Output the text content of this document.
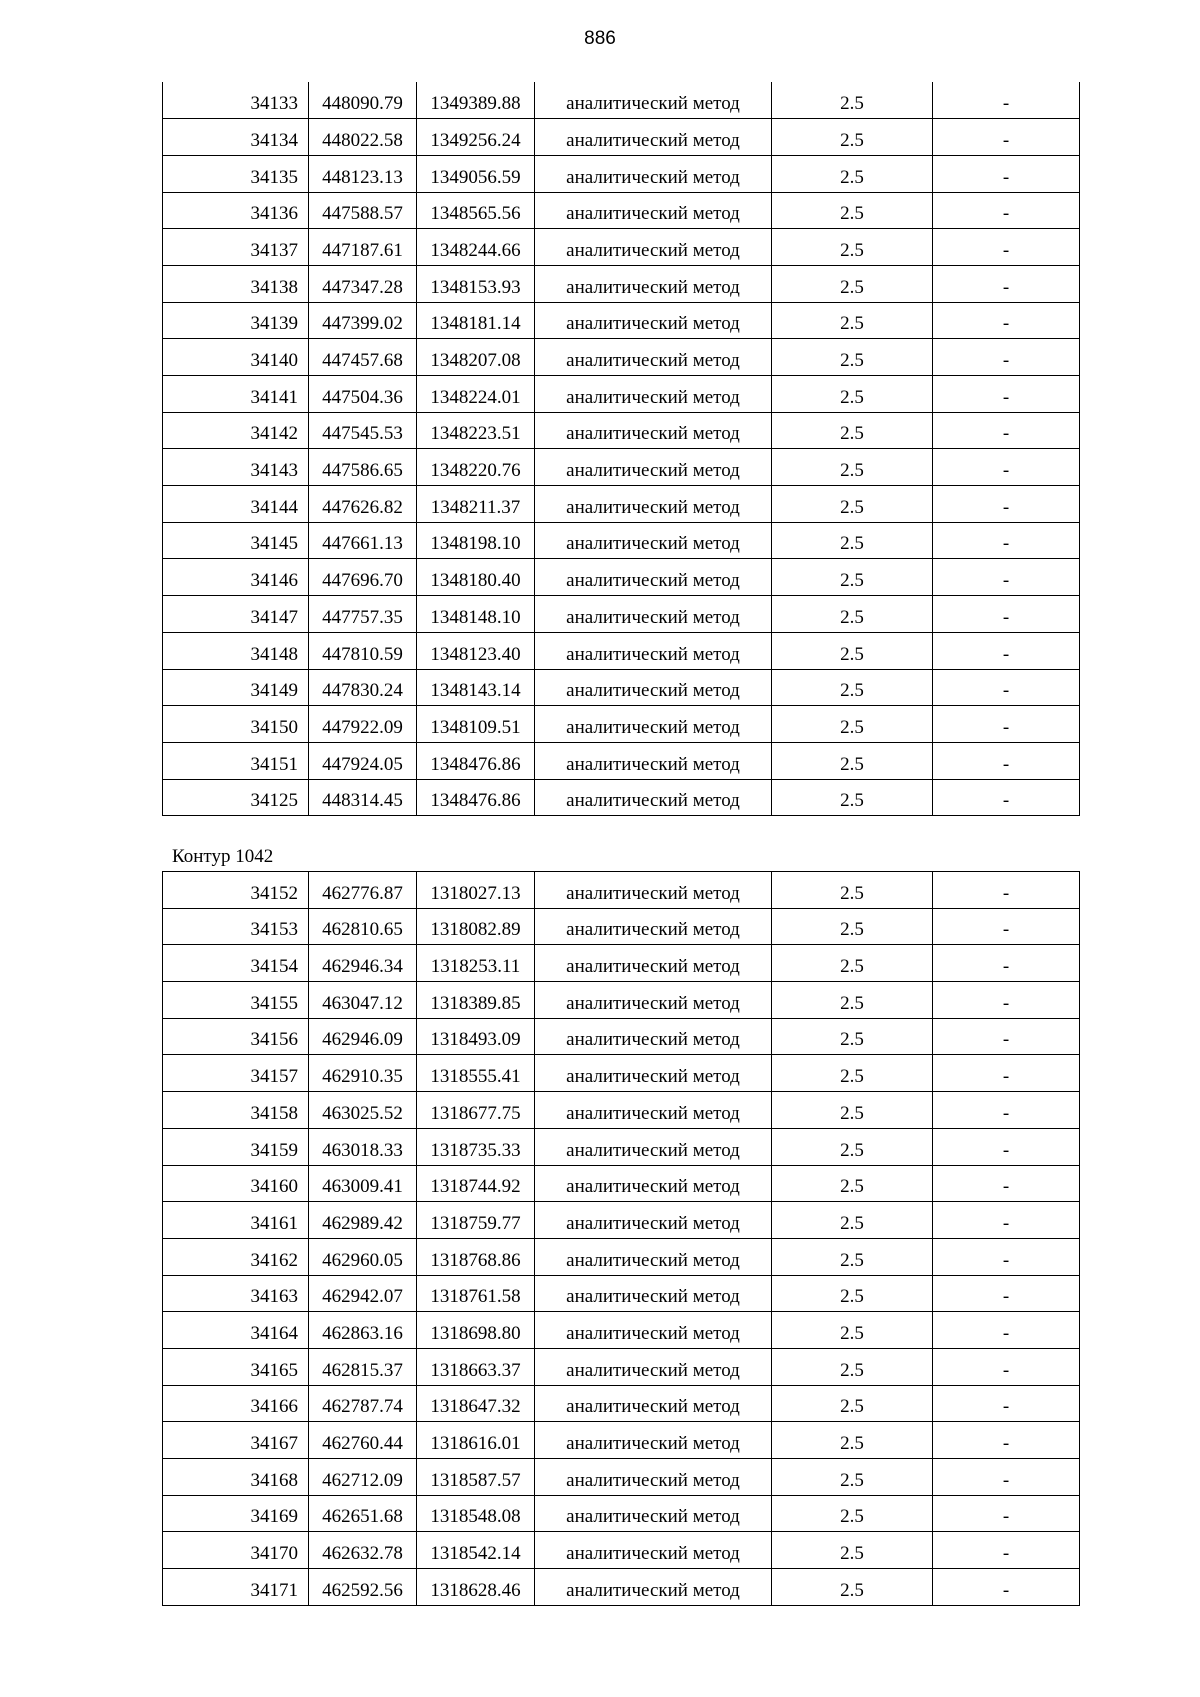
886
34133	448090.79	1349389.88	аналитический метод	2.5	-
34134	448022.58	1349256.24	аналитический метод	2.5	-
34135	448123.13	1349056.59	аналитический метод	2.5	-
34136	447588.57	1348565.56	аналитический метод	2.5	-
34137	447187.61	1348244.66	аналитический метод	2.5	-
34138	447347.28	1348153.93	аналитический метод	2.5	-
34139	447399.02	1348181.14	аналитический метод	2.5	-
34140	447457.68	1348207.08	аналитический метод	2.5	-
34141	447504.36	1348224.01	аналитический метод	2.5	-
34142	447545.53	1348223.51	аналитический метод	2.5	-
34143	447586.65	1348220.76	аналитический метод	2.5	-
34144	447626.82	1348211.37	аналитический метод	2.5	-
34145	447661.13	1348198.10	аналитический метод	2.5	-
34146	447696.70	1348180.40	аналитический метод	2.5	-
34147	447757.35	1348148.10	аналитический метод	2.5	-
34148	447810.59	1348123.40	аналитический метод	2.5	-
34149	447830.24	1348143.14	аналитический метод	2.5	-
34150	447922.09	1348109.51	аналитический метод	2.5	-
34151	447924.05	1348476.86	аналитический метод	2.5	-
34125	448314.45	1348476.86	аналитический метод	2.5	-
Контур 1042
34152	462776.87	1318027.13	аналитический метод	2.5	-
34153	462810.65	1318082.89	аналитический метод	2.5	-
34154	462946.34	1318253.11	аналитический метод	2.5	-
34155	463047.12	1318389.85	аналитический метод	2.5	-
34156	462946.09	1318493.09	аналитический метод	2.5	-
34157	462910.35	1318555.41	аналитический метод	2.5	-
34158	463025.52	1318677.75	аналитический метод	2.5	-
34159	463018.33	1318735.33	аналитический метод	2.5	-
34160	463009.41	1318744.92	аналитический метод	2.5	-
34161	462989.42	1318759.77	аналитический метод	2.5	-
34162	462960.05	1318768.86	аналитический метод	2.5	-
34163	462942.07	1318761.58	аналитический метод	2.5	-
34164	462863.16	1318698.80	аналитический метод	2.5	-
34165	462815.37	1318663.37	аналитический метод	2.5	-
34166	462787.74	1318647.32	аналитический метод	2.5	-
34167	462760.44	1318616.01	аналитический метод	2.5	-
34168	462712.09	1318587.57	аналитический метод	2.5	-
34169	462651.68	1318548.08	аналитический метод	2.5	-
34170	462632.78	1318542.14	аналитический метод	2.5	-
34171	462592.56	1318628.46	аналитический метод	2.5	-
